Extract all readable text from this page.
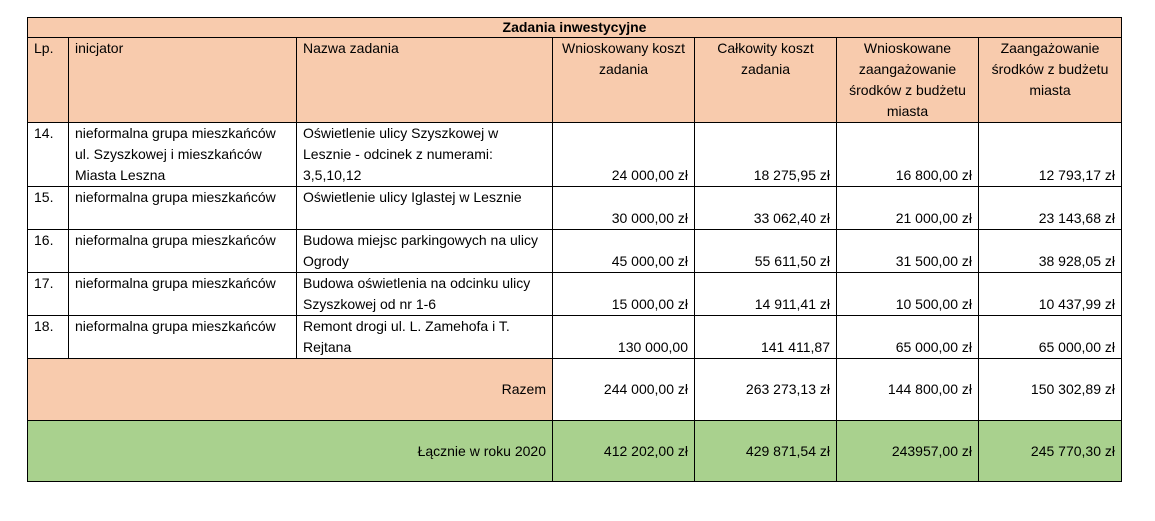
Zadania inwestycyjne						
Lp.	inicjator	Nazwa zadania	Wnioskowany koszt zadania	Całkowity koszt zadania	Wnioskowane zaangażowanie środków z budżetu miasta	Zaangażowanie środków z budżetu miasta
14.	nieformalna grupa mieszkańców ul. Szyszkowej i mieszkańców Miasta Leszna	Oświetlenie ulicy Szyszkowej w Lesznie - odcinek z numerami: 3,5,10,12	24 000,00 zł	18 275,95 zł	16 800,00 zł	12 793,17 zł
15.	nieformalna grupa mieszkańców	Oświetlenie ulicy Iglastej w Lesznie	30 000,00 zł	33 062,40 zł	21 000,00 zł	23 143,68 zł
16.	nieformalna grupa mieszkańców	Budowa miejsc parkingowych na ulicy Ogrody	45 000,00 zł	55 611,50 zł	31 500,00 zł	38 928,05 zł
17.	nieformalna grupa mieszkańców	Budowa oświetlenia na odcinku ulicy Szyszkowej od nr 1-6	15 000,00 zł	14 911,41 zł	10 500,00 zł	10 437,99 zł
18.	nieformalna grupa mieszkańców	Remont drogi ul. L. Zamehofa i T. Rejtana	130 000,00	141 411,87	65 000,00 zł	65 000,00 zł
Razem			244 000,00 zł	263 273,13 zł	144 800,00 zł	150 302,89 zł
Łącznie w roku 2020			412 202,00 zł	429 871,54 zł	243957,00 zł	245 770,30 zł
